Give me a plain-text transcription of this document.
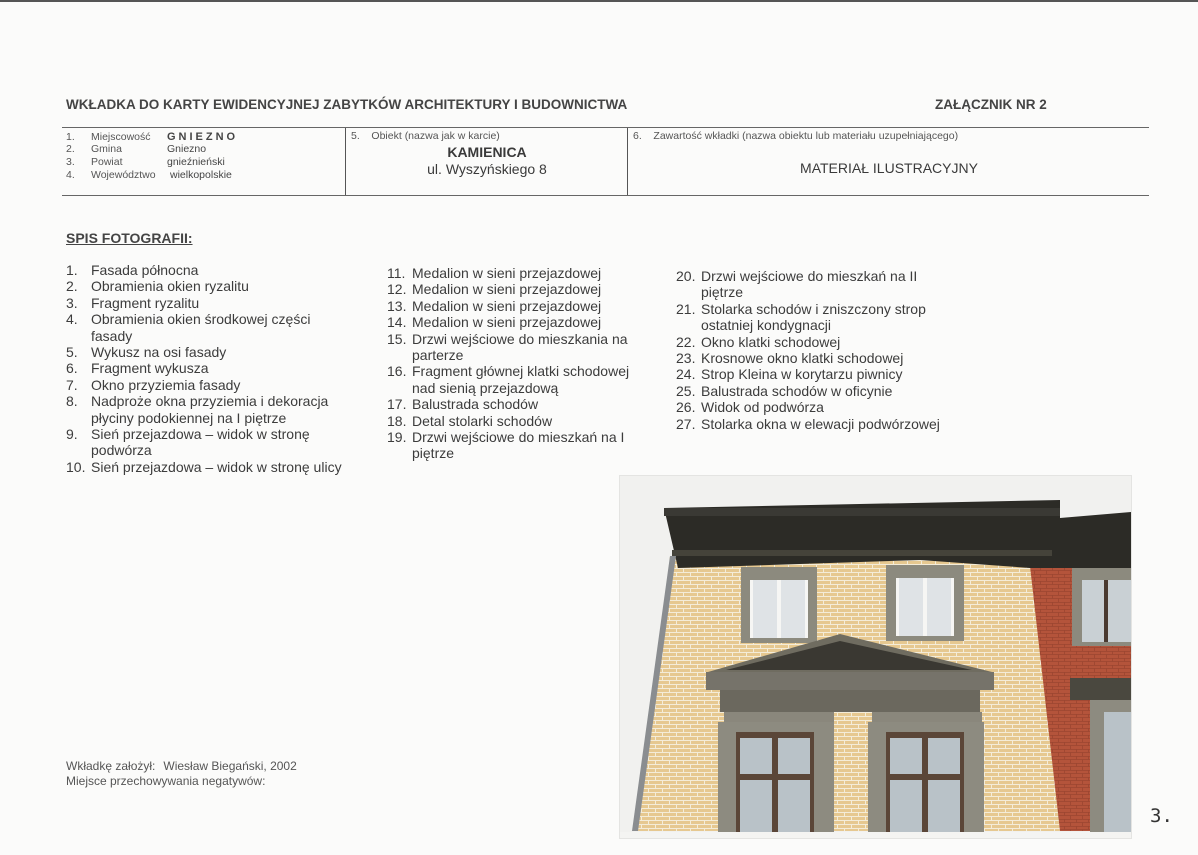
WKŁADKA DO KARTY EWIDENCYJNEJ ZABYTKÓW ARCHITEKTURY I BUDOWNICTWA	ZAŁĄCZNIK NR 2
1.	Miejscowość	GNIEZNO
2.	Gmina	Gniezno
3.	Powiat	gnieźnieński
4.	Województwo	wielkopolskie
5.    Obiekt (nazwa jak w karcie)
KAMIENICA
ul. Wyszyńskiego 8
6.    Zawartość wkładki (nazwa obiektu lub materiału uzupełniającego)
MATERIAŁ ILUSTRACYJNY
SPIS FOTOGRAFII:
1. Fasada północna
2. Obramienia okien ryzalitu
3. Fragment ryzalitu
4. Obramienia okien środkowej części fasady
5. Wykusz na osi fasady
6. Fragment wykusza
7. Okno przyziemia fasady
8. Nadproże okna przyziemia i dekoracja płyciny podokiennej na I piętrze
9. Sień przejazdowa – widok w stronę podwórza
10. Sień przejazdowa – widok w stronę ulicy
11. Medalion w sieni przejazdowej
12. Medalion w sieni przejazdowej
13. Medalion w sieni przejazdowej
14. Medalion w sieni przejazdowej
15. Drzwi wejściowe do mieszkania na parterze
16. Fragment głównej klatki schodowej nad sienią przejazdową
17. Balustrada schodów
18. Detal stolarki schodów
19. Drzwi wejściowe do mieszkań na I piętrze
20. Drzwi wejściowe do mieszkań na II piętrze
21. Stolarka schodów i zniszczony strop ostatniej kondygnacji
22. Okno klatki schodowej
23. Krosnowe okno klatki schodowej
24. Strop Kleina w korytarzu piwnicy
25. Balustrada schodów w oficynie
26. Widok od podwórza
27. Stolarka okna w elewacji podwórzowej
Wkładkę założył: Wiesław Biegański, 2002
Miejsce przechowywania negatywów:
3.
